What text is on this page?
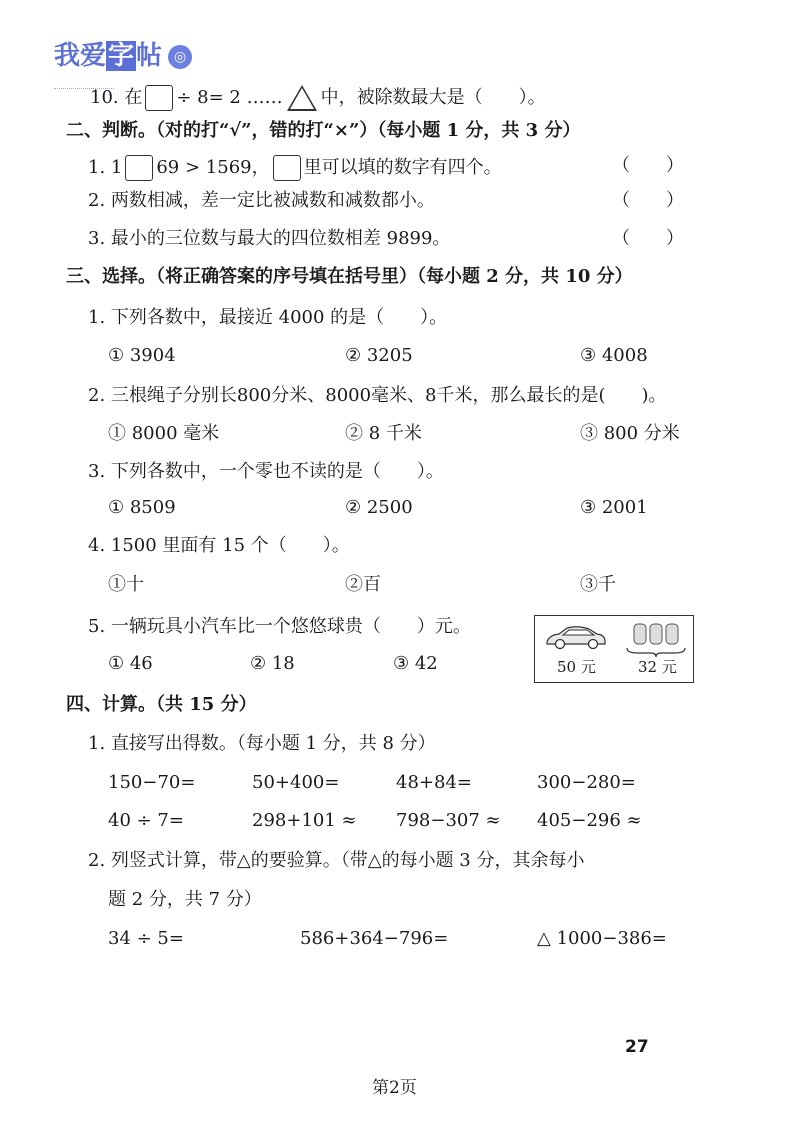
我爱字帖 ◎
10. 在 ÷ 8= 2 …… 中，被除数最大是（　　）。
二、判断。（对的打“√”，错的打“×”）（每小题 1 分，共 3 分）
1. 1 69 > 1569， 里可以填的数字有四个。	（　　）
2. 两数相减，差一定比被减数和减数都小。	（　　）
3. 最小的三位数与最大的四位数相差 9899。	（　　）
三、选择。（将正确答案的序号填在括号里）（每小题 2 分，共 10 分）
1. 下列各数中，最接近 4000 的是（　　）。
① 3904	② 3205	③ 4008
2. 三根绳子分别长800分米、8000毫米、8千米，那么最长的是(　　)。
① 8000 毫米	② 8 千米	③ 800 分米
3. 下列各数中，一个零也不读的是（　　）。
① 8509	② 2500	③ 2001
4. 1500 里面有 15 个（　　）。
①十	②百	③千
5. 一辆玩具小汽车比一个悠悠球贵（　　）元。
① 46	② 18	③ 42	50 元	32 元
四、计算。（共 15 分）
1. 直接写出得数。（每小题 1 分，共 8 分）
150−70=	50+400=	48+84=	300−280=
40 ÷ 7=	298+101 ≈ 798−307 ≈ 405−296 ≈
2. 列竖式计算，带△的要验算。（带△的每小题 3 分，其余每小
题 2 分，共 7 分）
34 ÷ 5=	586+364−796=	△ 1000−386=
27
第2页
